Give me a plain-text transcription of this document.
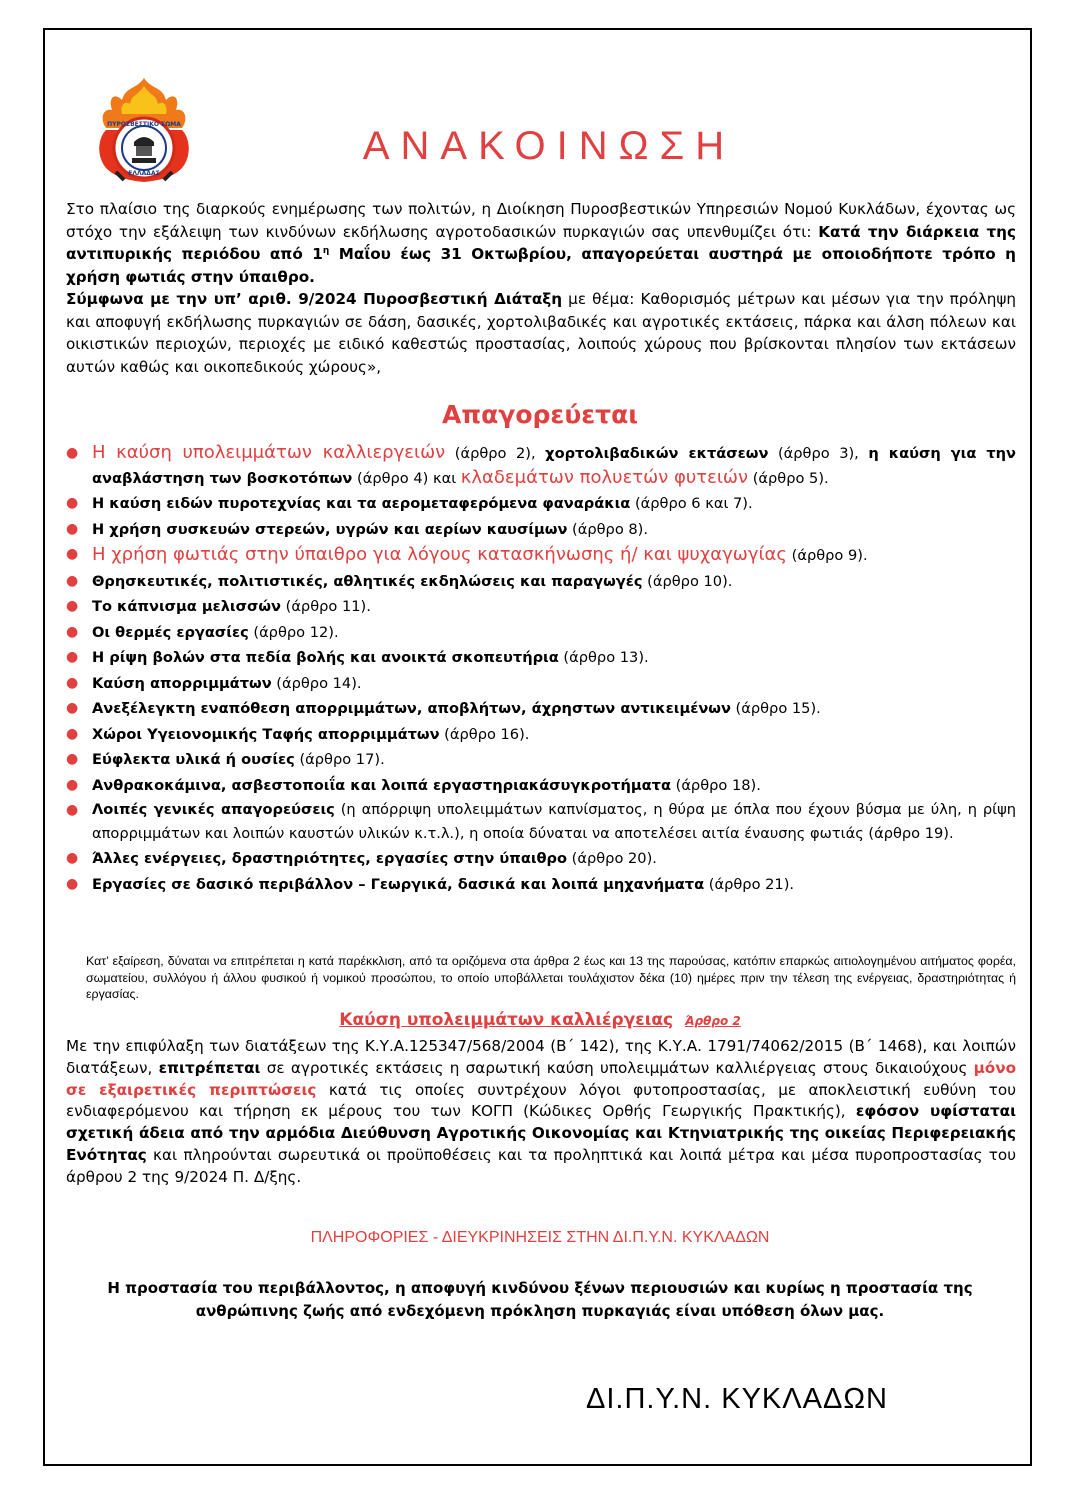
ΠΥΡΟΣΒΕΣΤΙΚΟ ΣΩΜΑ
ΕΛΛΑΔΑΣ
ΑΝΑΚΟΙΝΩΣΗ

Στο πλαίσιο της διαρκούς ενημέρωσης των πολιτών, η Διοίκηση Πυροσβεστικών Υπηρεσιών Νομού Κυκλάδων, έχοντας ως στόχο την εξάλειψη των κινδύνων εκδήλωσης αγροτοδασικών πυρκαγιών σας υπενθυμίζει ότι: Κατά την διάρκεια της αντιπυρικής περιόδου από $1^\eta$ Μαΐου έως 31 Οκτωβρίου, απαγορεύεται αυστηρά με οποιοδήποτε τρόπο η χρήση φωτιάς στην ύπαιθρο.

Σύμφωνα με την υπ’ αριθ. 9/2024 Πυροσβεστική Διάταξη με θέμα: Καθορισμός μέτρων και μέσων για την πρόληψη και αποφυγή εκδήλωσης πυρκαγιών σε δάση, δασικές, χορτολιβαδικές και αγροτικές εκτάσεις, πάρκα και άλση πόλεων και οικιστικών περιοχών, περιοχές με ειδικό καθεστώς προστασίας, λοιπούς χώρους που βρίσκονται πλησίον των εκτάσεων αυτών καθώς και οικοπεδικούς χώρους»,

Απαγορεύεται
● Η καύση υπολειμμάτων καλλιεργειών (άρθρο 2), χορτολιβαδικών εκτάσεων (άρθρο 3), η καύση για την αναβλάστηση των βοσκοτόπων (άρθρο 4) και κλαδεμάτων πολυετών φυτειών (άρθρο 5).
● Η καύση ειδών πυροτεχνίας και τα αερομεταφερόμενα φαναράκια (άρθρο 6 και 7).
● Η χρήση συσκευών στερεών, υγρών και αερίων καυσίμων (άρθρο 8).
● Η χρήση φωτιάς στην ύπαιθρο για λόγους κατασκήνωσης ή/ και ψυχαγωγίας (άρθρο 9).
● Θρησκευτικές, πολιτιστικές, αθλητικές εκδηλώσεις και παραγωγές (άρθρο 10).
● Το κάπνισμα μελισσών (άρθρο 11).
● Οι θερμές εργασίες (άρθρο 12).
● Η ρίψη βολών στα πεδία βολής και ανοικτά σκοπευτήρια (άρθρο 13).
● Καύση απορριμμάτων (άρθρο 14).
● Ανεξέλεγκτη εναπόθεση απορριμμάτων, αποβλήτων, άχρηστων αντικειμένων (άρθρο 15).
● Χώροι Υγειονομικής Ταφής απορριμμάτων (άρθρο 16).
● Εύφλεκτα υλικά ή ουσίες (άρθρο 17).
● Ανθρακοκάμινα, ασβεστοποιΐα και λοιπά εργαστηριακάσυγκροτήματα (άρθρο 18).
● Λοιπές γενικές απαγορεύσεις (η απόρριψη υπολειμμάτων καπνίσματος, η θύρα με όπλα που έχουν βύσμα με ύλη, η ρίψη απορριμμάτων και λοιπών καυστών υλικών κ.τ.λ.), η οποία δύναται να αποτελέσει αιτία έναυσης φωτιάς (άρθρο 19).
● Άλλες ενέργειες, δραστηριότητες, εργασίες στην ύπαιθρο (άρθρο 20).
● Εργασίες σε δασικό περιβάλλον – Γεωργικά, δασικά και λοιπά μηχανήματα (άρθρο 21).
Κατ’ εξαίρεση, δύναται να επιτρέπεται η κατά παρέκκλιση, από τα οριζόμενα στα άρθρα 2 έως και 13 της παρούσας, κατόπιν επαρκώς αιτιολογημένου αιτήματος φορέα, σωματείου, συλλόγου ή άλλου φυσικού ή νομικού προσώπου, το οποίο υποβάλλεται τουλάχιστον δέκα (10) ημέρες πριν την τέλεση της ενέργειας, δραστηριότητας ή εργασίας.
Καύση υπολειμμάτων καλλιέργειας Άρθρο 2

Με την επιφύλαξη των διατάξεων της Κ.Υ.Α.125347/568/2004 (Β΄ 142), της Κ.Υ.Α. 1791/74062/2015 (Β΄ 1468), και λοιπών διατάξεων, επιτρέπεται σε αγροτικές εκτάσεις η σαρωτική καύση υπολειμμάτων καλλιέργειας στους δικαιούχους μόνο σε εξαιρετικές περιπτώσεις κατά τις οποίες συντρέχουν λόγοι φυτοπροστασίας, με αποκλειστική ευθύνη του ενδιαφερόμενου και τήρηση εκ μέρους του των ΚΟΓΠ (Κώδικες Ορθής Γεωργικής Πρακτικής), εφόσον υφίσταται σχετική άδεια από την αρμόδια Διεύθυνση Αγροτικής Οικονομίας και Κτηνιατρικής της οικείας Περιφερειακής Ενότητας και πληρούνται σωρευτικά οι προϋποθέσεις και τα προληπτικά και λοιπά μέτρα και μέσα πυροπροστασίας του άρθρου 2 της 9/2024 Π. Δ/ξης.

ΠΛΗΡΟΦΟΡΙΕΣ - ΔΙΕΥΚΡΙΝΗΣΕΙΣ ΣΤΗΝ ΔΙ.Π.Υ.Ν. ΚΥΚΛΑΔΩΝ
Η προστασία του περιβάλλοντος, η αποφυγή κινδύνου ξένων περιουσιών και κυρίως η προστασία της ανθρώπινης ζωής από ενδεχόμενη πρόκληση πυρκαγιάς είναι υπόθεση όλων μας.
ΔΙ.Π.Υ.Ν. ΚΥΚΛΑΔΩΝ
